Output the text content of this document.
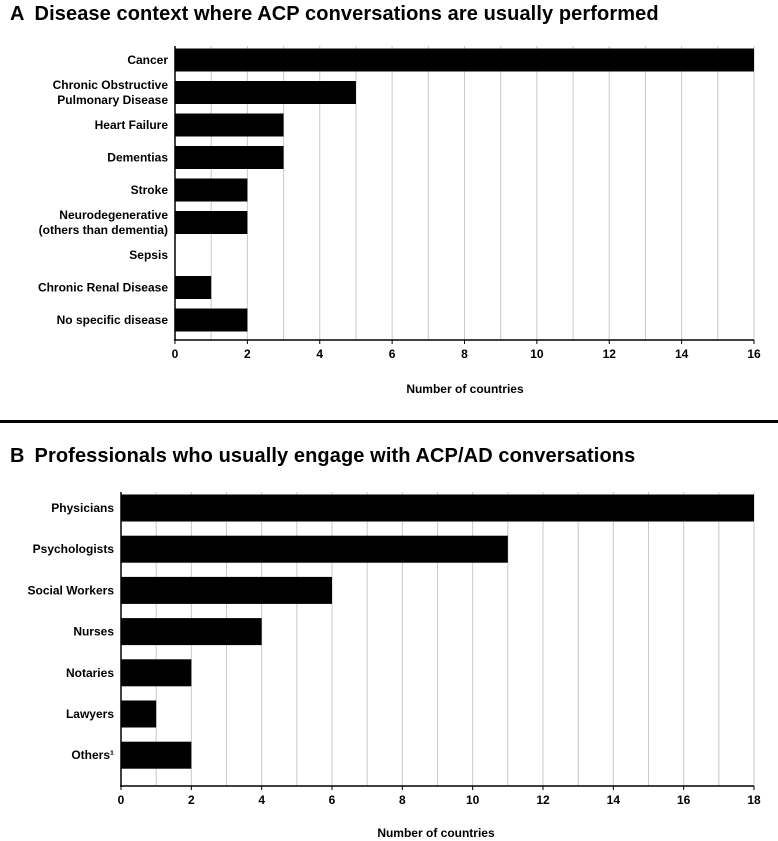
A Disease context where ACP conversations are usually performed
Cancer
Chronic Obstructive Pulmonary Disease
Heart Failure
Dementias
Stroke
Neurodegenerative (others than dementia)
Sepsis
Chronic Renal Disease
No specific disease
0	2	4	6	8	10	12	14	16
Number of countries
B Professionals who usually engage with ACP/AD conversations
Physicians
Psychologists
Social Workers
Nurses
Notaries
Lawyers
Others¹
0	2	4	6	8	10	12	14	16	18
Number of countries
